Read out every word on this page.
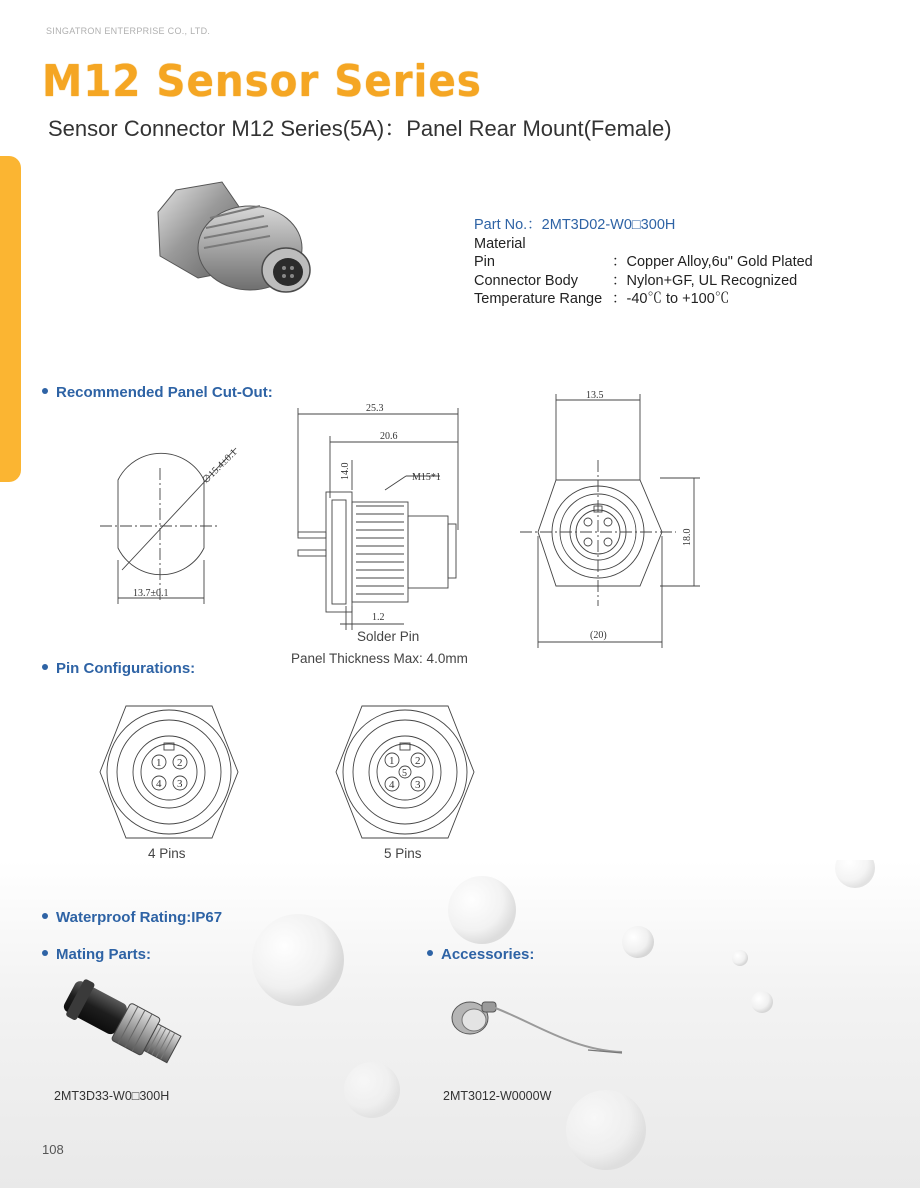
SINGATRON ENTERPRISE CO., LTD.
M12 Sensor Series
Sensor Connector M12 Series(5A)：Panel Rear Mount(Female)
Part No.：2MT3D02-W0□300H
Material
Pin	：Copper Alloy,6u" Gold Plated
Connector Body	：Nylon+GF, UL Recognized
Temperature Range ：-40℃ to +100℃
Recommended Panel Cut-Out:
Pin Configurations:
Waterproof Rating:IP67
Mating Parts:	Accessories:
13.7±0.1
∅15.4±0.1
25.3
20.6
14.0	M15*1
1.2
13.5
18.0
(20)
Solder Pin
Panel Thickness Max: 4.0mm
1 2
4 3
1 2
5
4 3
4 Pins	5 Pins
2MT3D33-W0□300H	2MT3012-W0000W
108
